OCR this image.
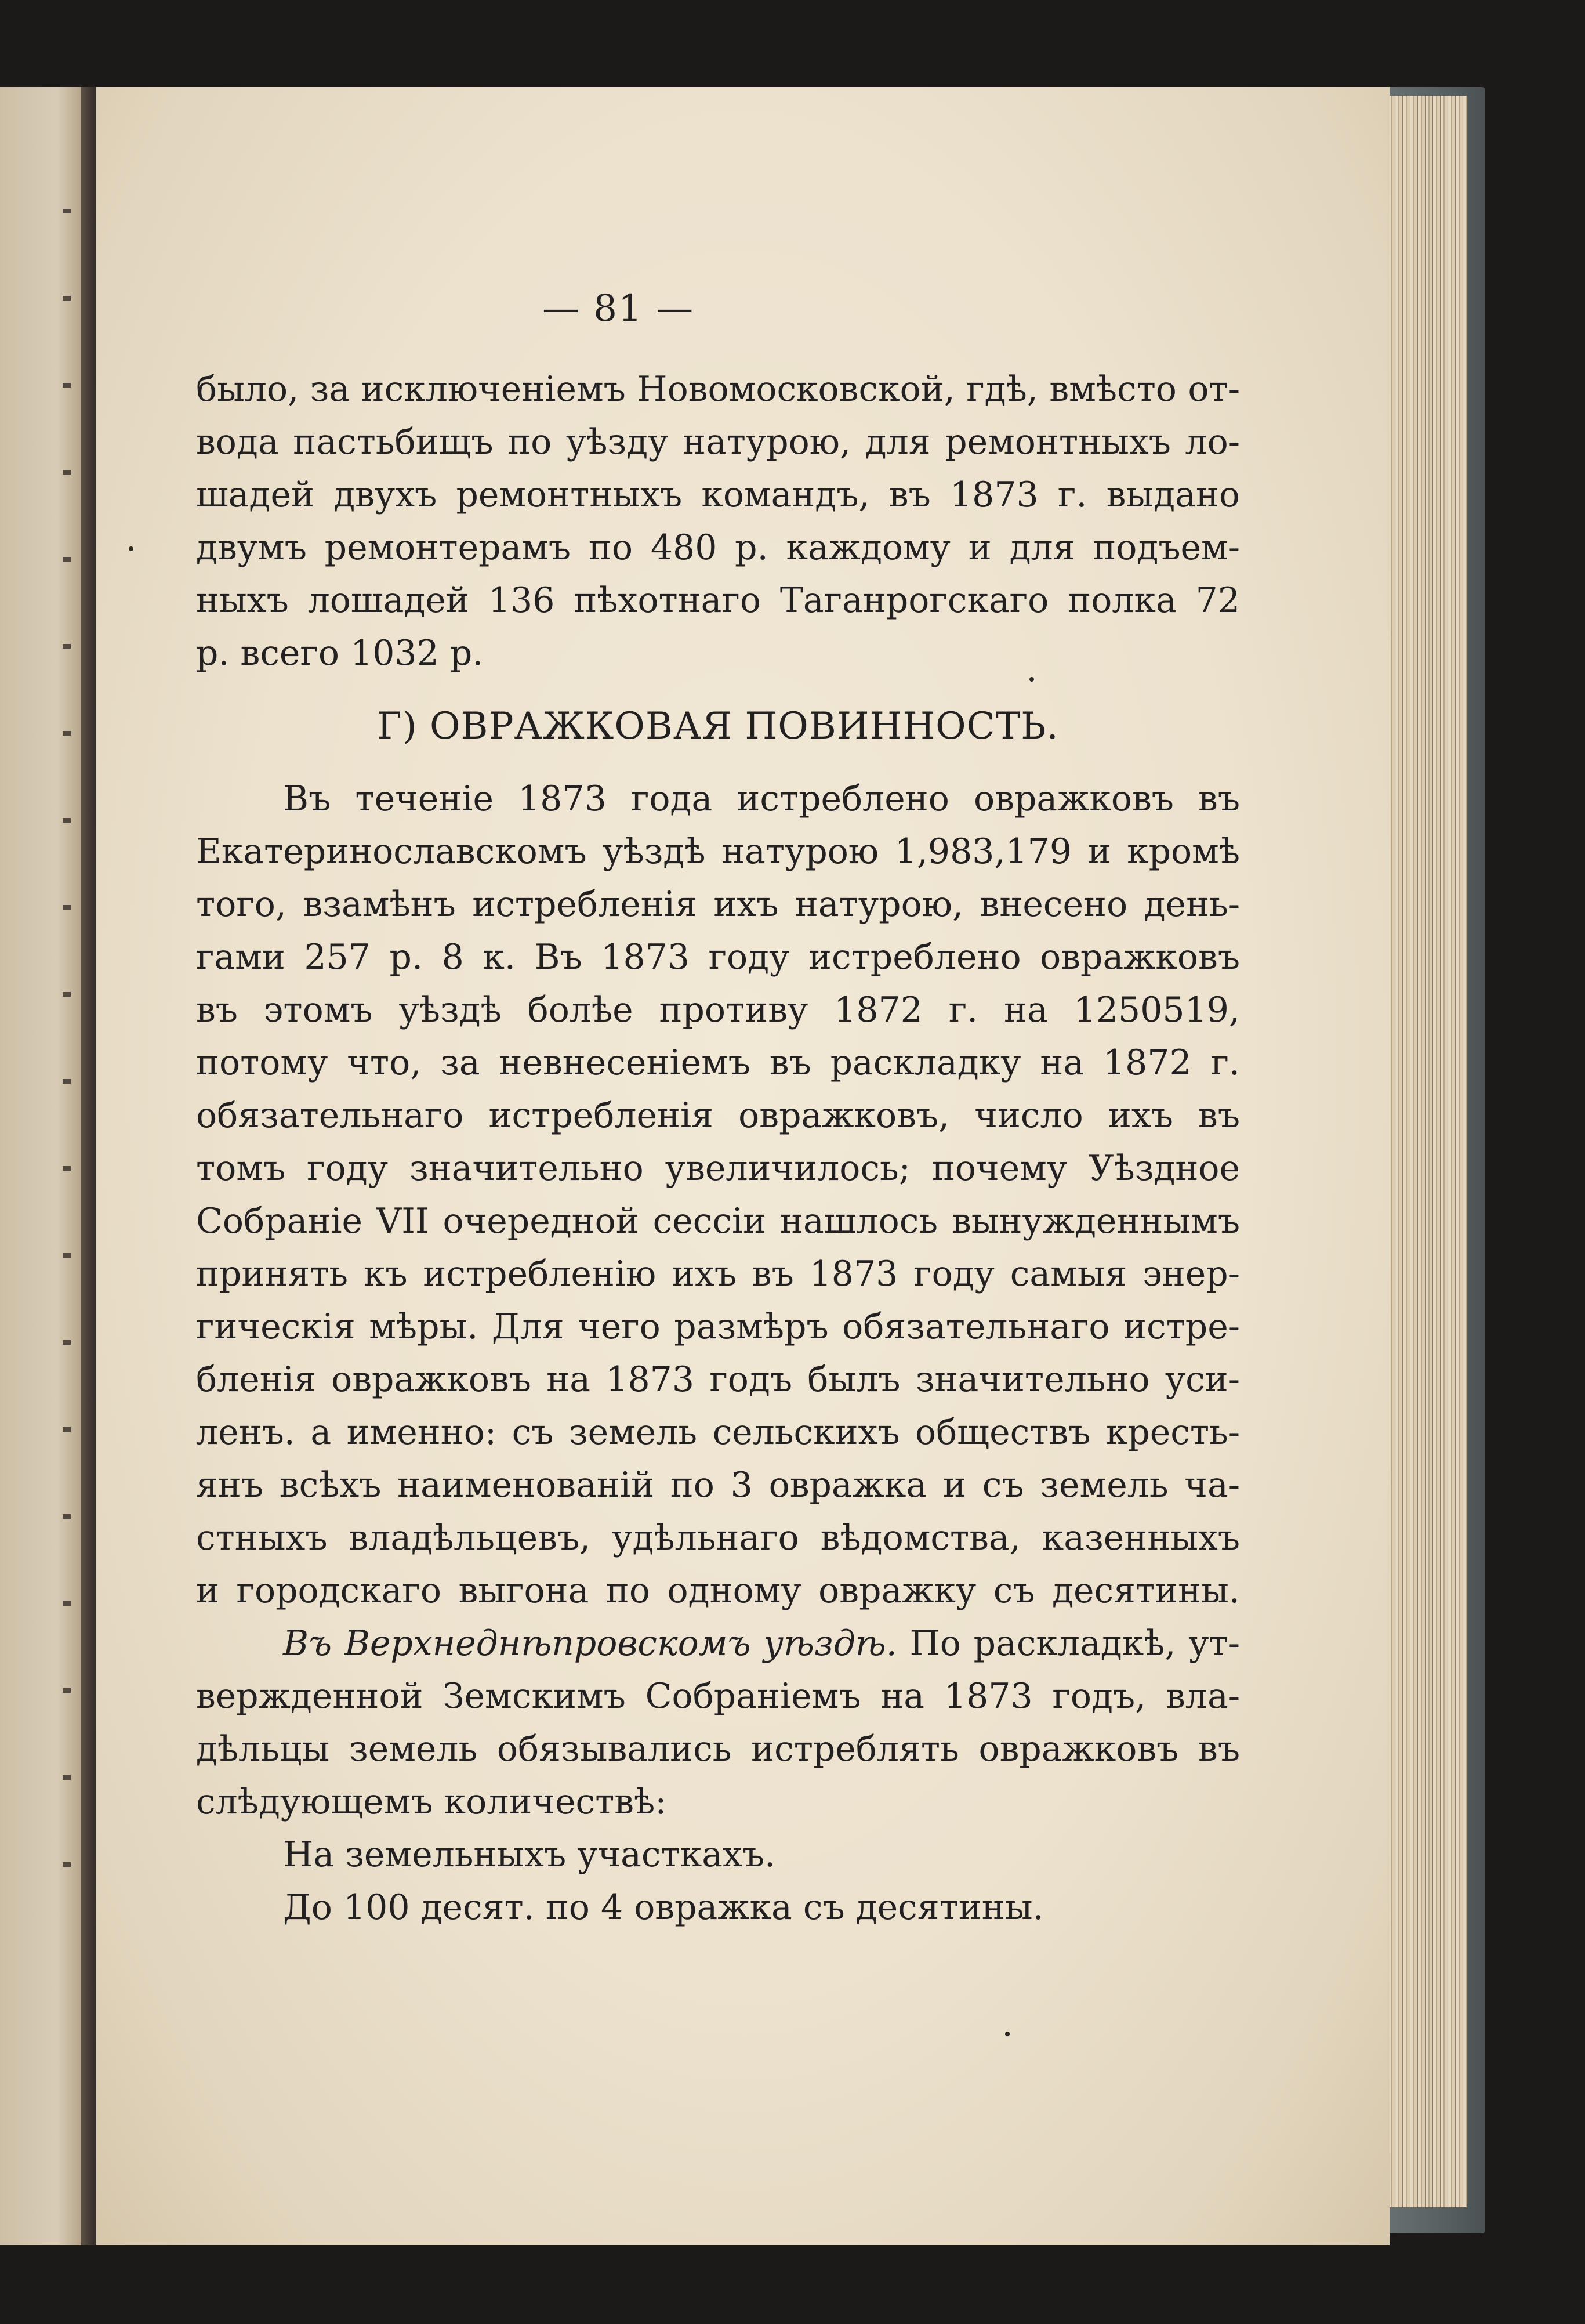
— 81 —
было, за исключеніемъ Новомосковской, гдѣ, вмѣсто от-
вода пастьбищъ по уѣзду натурою, для ремонтныхъ ло-
шадей двухъ ремонтныхъ командъ, въ 1873 г. выдано
двумъ ремонтерамъ по 480 р. каждому и для подъем-
ныхъ лошадей 136 пѣхотнаго Таганрогскаго полка 72
р. всего 1032 р.
Г) ОВРАЖКОВАЯ ПОВИННОСТЬ.
Въ теченіе 1873 года истреблено овражковъ въ
Екатеринославскомъ уѣздѣ натурою 1,983,179 и кромѣ
того, взамѣнъ истребленія ихъ натурою, внесено день-
гами 257 р. 8 к. Въ 1873 году истреблено овражковъ
въ этомъ уѣздѣ болѣе противу 1872 г. на 1250519,
потому что, за невнесеніемъ въ раскладку на 1872 г.
обязательнаго истребленія овражковъ, число ихъ въ
томъ году значительно увеличилось; почему Уѣздное
Собраніе VII очередной сессіи нашлось вынужденнымъ
принять къ истребленію ихъ въ 1873 году самыя энер-
гическія мѣры. Для чего размѣръ обязательнаго истре-
бленія овражковъ на 1873 годъ былъ значительно уси-
ленъ. а именно: съ земель сельскихъ обществъ кресть-
янъ всѣхъ наименованій по 3 овражка и съ земель ча-
стныхъ владѣльцевъ, удѣльнаго вѣдомства, казенныхъ
и городскаго выгона по одному овражку съ десятины.
Въ Верхнеднѣпровскомъ уѣздѣ. По раскладкѣ, ут-
вержденной Земскимъ Собраніемъ на 1873 годъ, вла-
дѣльцы земель обязывались истреблять овражковъ въ
слѣдующемъ количествѣ:
На земельныхъ участкахъ.
До 100 десят. по 4 овражка съ десятины.
